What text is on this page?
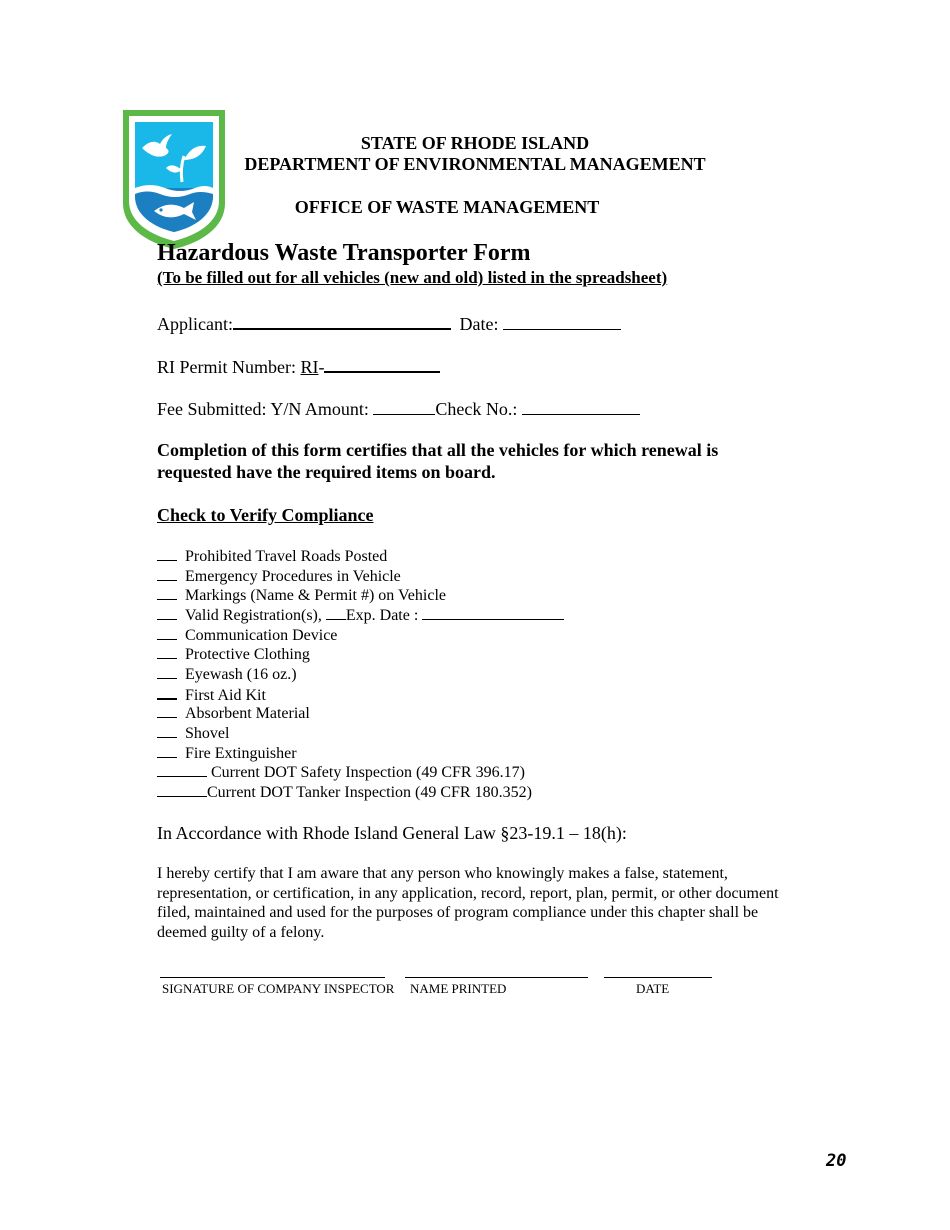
STATE OF RHODE ISLAND
DEPARTMENT OF ENVIRONMENTAL MANAGEMENT
OFFICE OF WASTE MANAGEMENT
Hazardous Waste Transporter Form
(To be filled out for all vehicles (new and old) listed in the spreadsheet)
Applicant:	Date:
RI Permit Number: RI-
Fee Submitted: Y/N Amount:	Check No.:
Completion of this form certifies that all the vehicles for which renewal is
requested have the required items on board.
Check to Verify Compliance
Prohibited Travel Roads Posted
Emergency Procedures in Vehicle
Markings (Name & Permit #) on Vehicle
Valid Registration(s), Exp. Date :
Communication Device
Protective Clothing
Eyewash (16 oz.)
First Aid Kit
Absorbent Material
Shovel
Fire Extinguisher
Current DOT Safety Inspection (49 CFR 396.17)
Current DOT Tanker Inspection (49 CFR 180.352)
In Accordance with Rhode Island General Law §23-19.1 – 18(h):
I hereby certify that I am aware that any person who knowingly makes a false, statement, representation, or certification, in any application, record, report, plan, permit, or other document filed, maintained and used for the purposes of program compliance under this chapter shall be deemed guilty of a felony.
SIGNATURE OF COMPANY INSPECTOR NAME PRINTED	DATE
20
